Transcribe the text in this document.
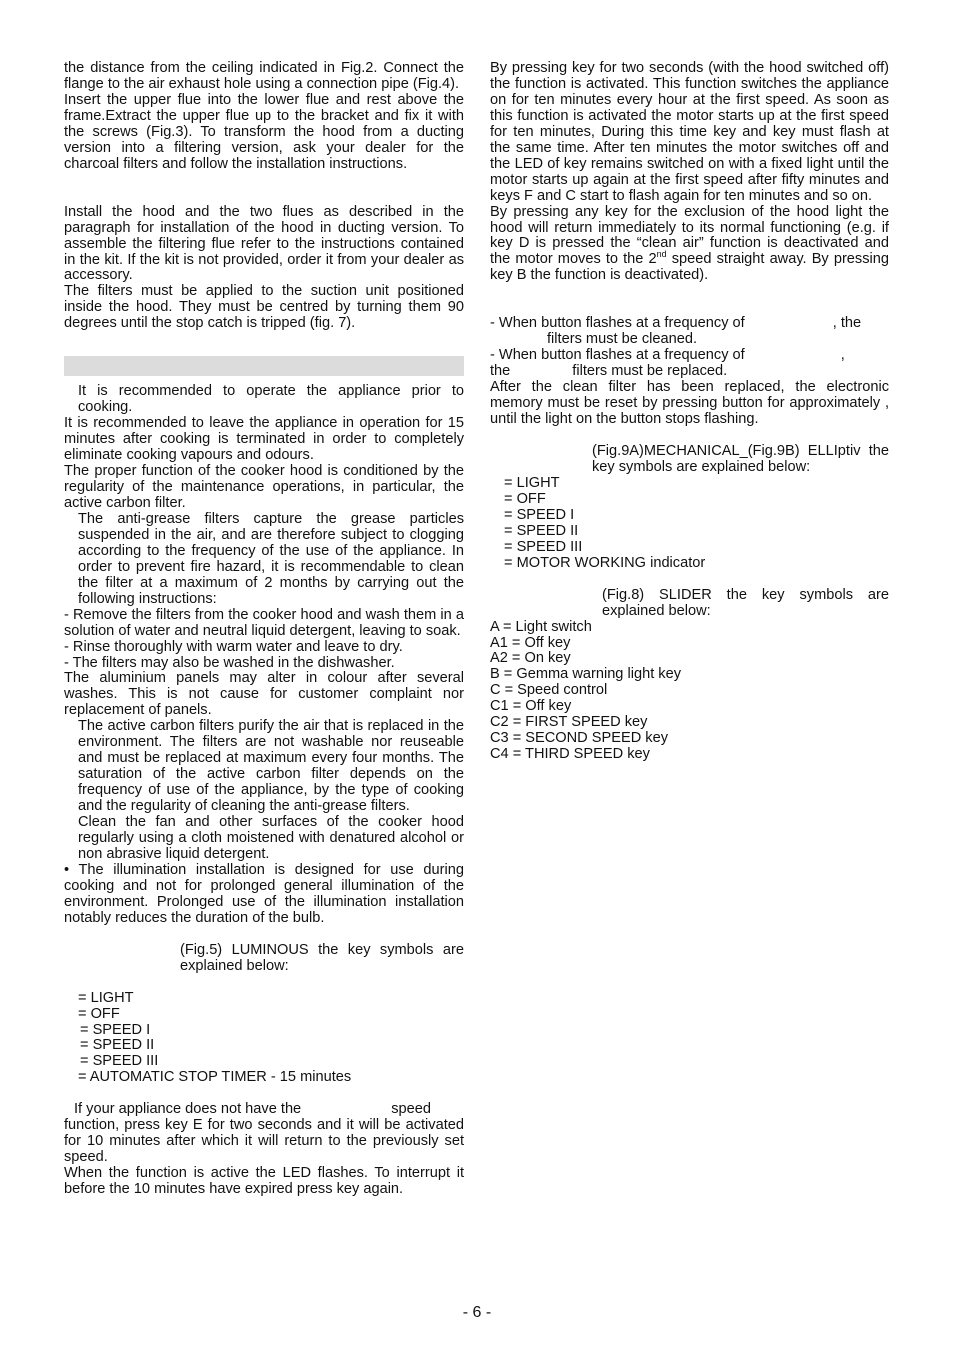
the distance from the ceiling indicated in Fig.2. Connect the flange to the air exhaust hole using a connection pipe (Fig.4).

Insert the upper flue into the lower flue and rest above the frame.Extract the upper flue up to the bracket and fix it with the screws (Fig.3). To transform the hood from a ducting version into a filtering version, ask your dealer for the charcoal filters and follow the installation instructions.

Install the hood and the two flues as described in the paragraph for installation of the hood in ducting version. To assemble the filtering flue refer to the instructions contained in the kit. If the kit is not provided, order it from your dealer as accessory.

The filters must be applied to the suction unit positioned inside the hood. They must be centred by turning them 90 degrees until the stop catch is tripped (fig. 7).

It is recommended to operate the appliance prior to cooking.

It is recommended to leave the appliance in operation for 15 minutes after cooking is terminated in order to completely eliminate cooking vapours and odours.

The proper function of the cooker hood is conditioned by the regularity of the maintenance operations, in particular, the active carbon filter.

The anti-grease filters capture the grease particles suspended in the air, and are therefore subject to clogging according to the frequency of the use of the appliance. In order to prevent fire hazard, it is recommendable to clean the filter at a maximum of 2 months by carrying out the following instructions:

- Remove the filters from the cooker hood and wash them in a solution of water and neutral liquid detergent, leaving to soak.

- Rinse thoroughly with warm water and leave to dry.

- The filters may also be washed in the dishwasher.

The aluminium panels may alter in colour after several washes. This is not cause for customer complaint nor replacement of panels.

The active carbon filters purify the air that is replaced in the environment. The filters are not washable nor reuseable and must be replaced at maximum every four months. The saturation of the active carbon filter depends on the frequency of use of the appliance, by the type of cooking and the regularity of cleaning the anti-grease filters.

Clean the fan and other surfaces of the cooker hood regularly using a cloth moistened with denatured alcohol or non abrasive liquid detergent.

• The illumination installation is designed for use during cooking and not for prolonged general illumination of the environment. Prolonged use of the illumination installation notably reduces the duration of the bulb.

(Fig.5) LUMINOUS the key symbols are explained below:

= LIGHT
= OFF
= SPEED I
= SPEED II
= SPEED III
= AUTOMATIC STOP TIMER - 15 minutes

If your appliance does not have the	speed function, press key E for two seconds and it will be activated for 10 minutes after which it will return to the previously set speed.

When the function is active the LED flashes. To interrupt it before the 10 minutes have expired press key again.

By pressing key for two seconds (with the hood switched off) the function is activated. This function switches the appliance on for ten minutes every hour at the first speed. As soon as this function is activated the motor starts up at the first speed for ten minutes, During this time key and key must flash at the same time. After ten minutes the motor switches off and the LED of key remains switched on with a fixed light until the motor starts up again at the first speed after fifty minutes and keys F and C start to flash again for ten minutes and so on.

By pressing any key for the exclusion of the hood light the hood will return immediately to its normal functioning (e.g. if key D is pressed the “clean air” function is deactivated and the motor moves to the 2nd speed straight away. By pressing key B the function is deactivated).

- When button flashes at a frequency of	, the
filters must be cleaned.

- When button flashes at a frequency of	,
the	filters must be replaced.

After the clean filter has been replaced, the electronic memory must be reset by pressing button for approximately , until the light on the button stops flashing.

(Fig.9A)MECHANICAL_(Fig.9B) ELLIptiv the key symbols are explained below:

= LIGHT
= OFF
= SPEED I
= SPEED II
= SPEED III
= MOTOR WORKING indicator

(Fig.8) SLIDER the key symbols are explained below:

A = Light switch
A1 = Off key
A2 = On key
B = Gemma warning light key
C = Speed control
C1 = Off key
C2 = FIRST SPEED key
C3 = SECOND SPEED key
C4 = THIRD SPEED key
- 6 -
